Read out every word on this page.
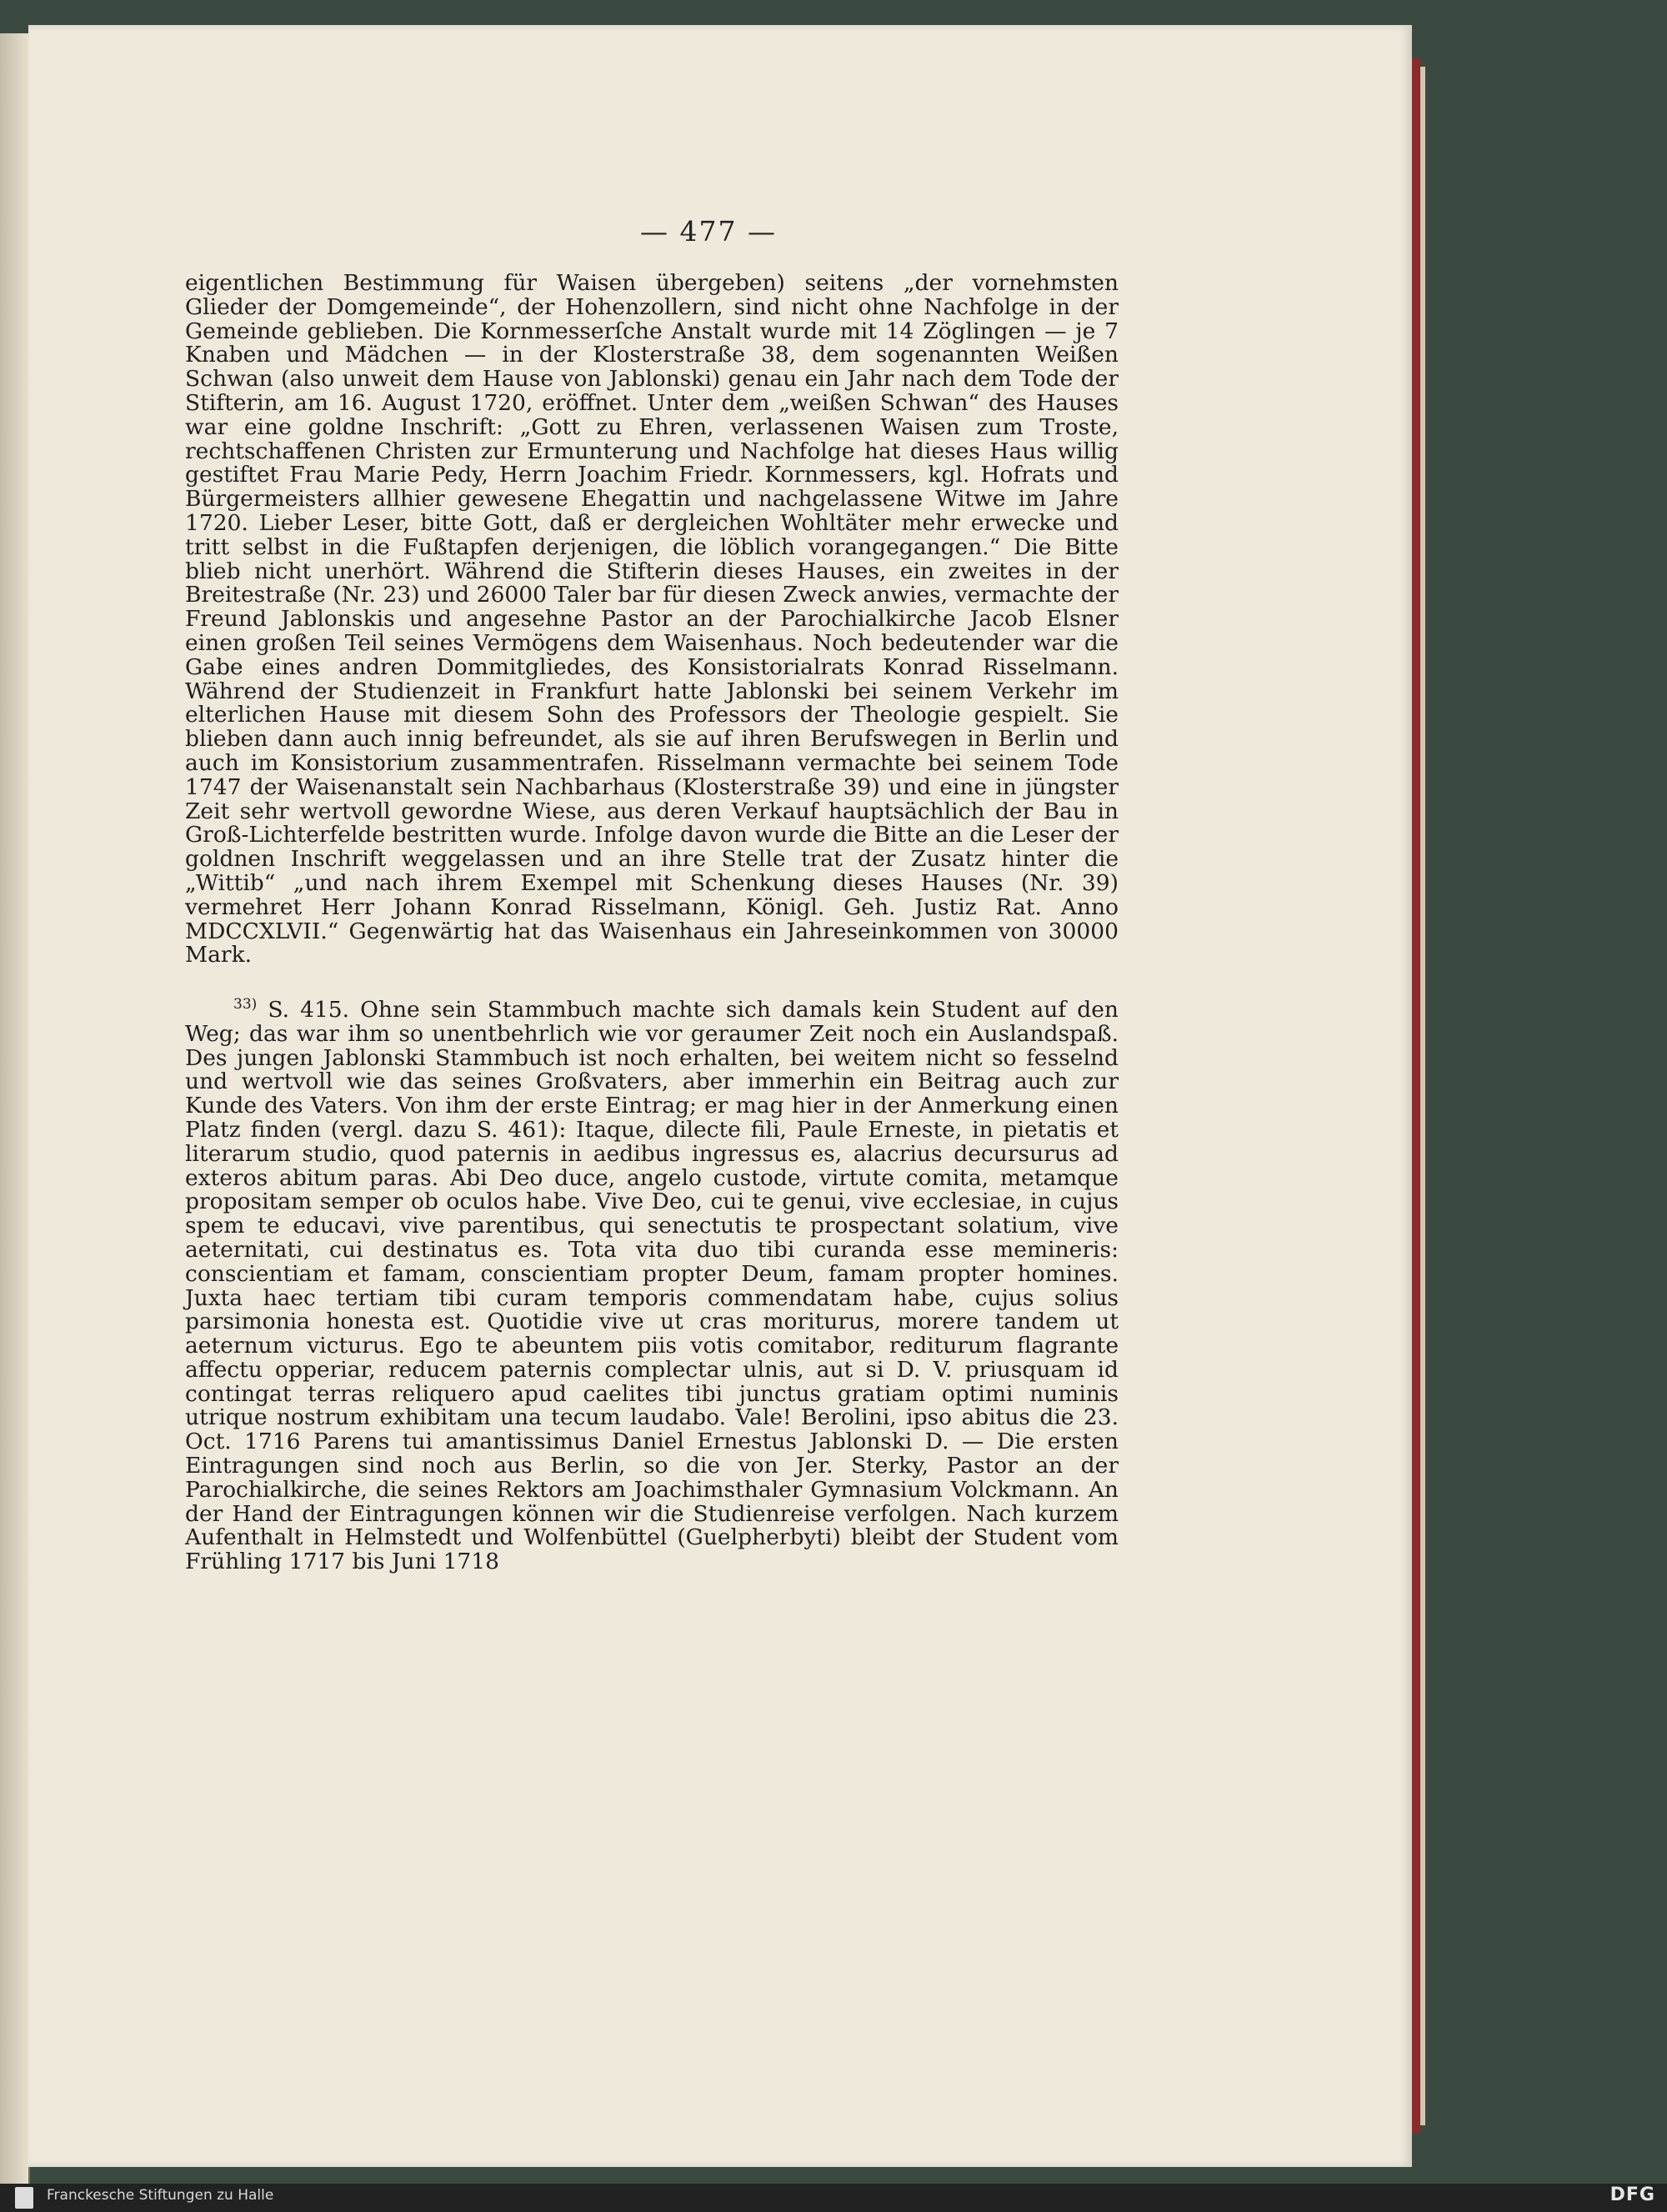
— 477 —

eigentlichen Bestimmung für Waisen übergeben) seitens „der vornehmsten Glieder der Domgemeinde“, der Hohenzollern, sind nicht ohne Nachfolge in der Gemeinde geblieben. Die Kornmesserſche Anstalt wurde mit 14 Zöglingen — je 7 Knaben und Mädchen — in der Klosterstraße 38, dem sogenannten Weißen Schwan (also unweit dem Hause von Jablonski) genau ein Jahr nach dem Tode der Stifterin, am 16. August 1720, eröffnet. Unter dem „weißen Schwan“ des Hauses war eine goldne Inschrift: „Gott zu Ehren, verlassenen Waisen zum Troste, rechtschaffenen Christen zur Ermunterung und Nachfolge hat dieses Haus willig gestiftet Frau Marie Pedy, Herrn Joachim Friedr. Kornmessers, kgl. Hofrats und Bürgermeisters allhier gewesene Ehegattin und nachgelassene Witwe im Jahre 1720. Lieber Leser, bitte Gott, daß er dergleichen Wohltäter mehr erwecke und tritt selbst in die Fußtapfen derjenigen, die löblich vorangegangen.“ Die Bitte blieb nicht unerhört. Während die Stifterin dieses Hauses, ein zweites in der Breitestraße (Nr. 23) und 26000 Taler bar für diesen Zweck anwies, vermachte der Freund Jablonskis und angesehne Pastor an der Parochialkirche Jacob Elsner einen großen Teil seines Vermögens dem Waisenhaus. Noch bedeutender war die Gabe eines andren Dommitgliedes, des Konsistorialrats Konrad Risselmann. Während der Studienzeit in Frankfurt hatte Jablonski bei seinem Verkehr im elterlichen Hause mit diesem Sohn des Professors der Theologie gespielt. Sie blieben dann auch innig befreundet, als sie auf ihren Berufswegen in Berlin und auch im Konsistorium zusammentrafen. Risselmann vermachte bei seinem Tode 1747 der Waisenanstalt sein Nachbarhaus (Klosterstraße 39) und eine in jüngster Zeit sehr wertvoll gewordne Wiese, aus deren Verkauf hauptsächlich der Bau in Groß-Lichterfelde bestritten wurde. Infolge davon wurde die Bitte an die Leser der goldnen Inschrift weggelassen und an ihre Stelle trat der Zusatz hinter die „Wittib“ „und nach ihrem Exempel mit Schenkung dieses Hauses (Nr. 39) vermehret Herr Johann Konrad Risselmann, Königl. Geh. Justiz Rat. Anno MDCCXLVII.“ Gegenwärtig hat das Waisenhaus ein Jahreseinkommen von 30000 Mark.

$^{33)}$ S. 415. Ohne sein Stammbuch machte sich damals kein Student auf den Weg; das war ihm so unentbehrlich wie vor geraumer Zeit noch ein Auslandspaß. Des jungen Jablonski Stammbuch ist noch erhalten, bei weitem nicht so fesselnd und wertvoll wie das seines Großvaters, aber immerhin ein Beitrag auch zur Kunde des Vaters. Von ihm der erste Eintrag; er mag hier in der Anmerkung einen Platz finden (vergl. dazu S. 461): Itaque, dilecte fili, Paule Erneste, in pietatis et literarum studio, quod paternis in aedibus ingressus es, alacrius decursurus ad exteros abitum paras. Abi Deo duce, angelo custode, virtute comita, metamque propositam semper ob oculos habe. Vive Deo, cui te genui, vive ecclesiae, in cujus spem te educavi, vive parentibus, qui senectutis te prospectant solatium, vive aeternitati, cui destinatus es. Tota vita duo tibi curanda esse memineris: conscientiam et famam, conscientiam propter Deum, famam propter homines. Juxta haec tertiam tibi curam temporis commendatam habe, cujus solius parsimonia honesta est. Quotidie vive ut cras moriturus, morere tandem ut aeternum victurus. Ego te abeuntem piis votis comitabor, rediturum flagrante affectu opperiar, reducem paternis complectar ulnis, aut si D. V. priusquam id contingat terras reliquero apud caelites tibi junctus gratiam optimi numinis utrique nostrum exhibitam una tecum laudabo. Vale! Berolini, ipso abitus die 23. Oct. 1716 Parens tui amantissimus Daniel Ernestus Jablonski D. — Die ersten Eintragungen sind noch aus Berlin, so die von Jer. Sterky, Pastor an der Parochialkirche, die seines Rektors am Joachimsthaler Gymnasium Volckmann. An der Hand der Eintragungen können wir die Studienreise verfolgen. Nach kurzem Aufenthalt in Helmstedt und Wolfenbüttel (Guelpherbyti) bleibt der Student vom Frühling 1717 bis Juni 1718

Franckesche Stiftungen zu Halle	DFG
